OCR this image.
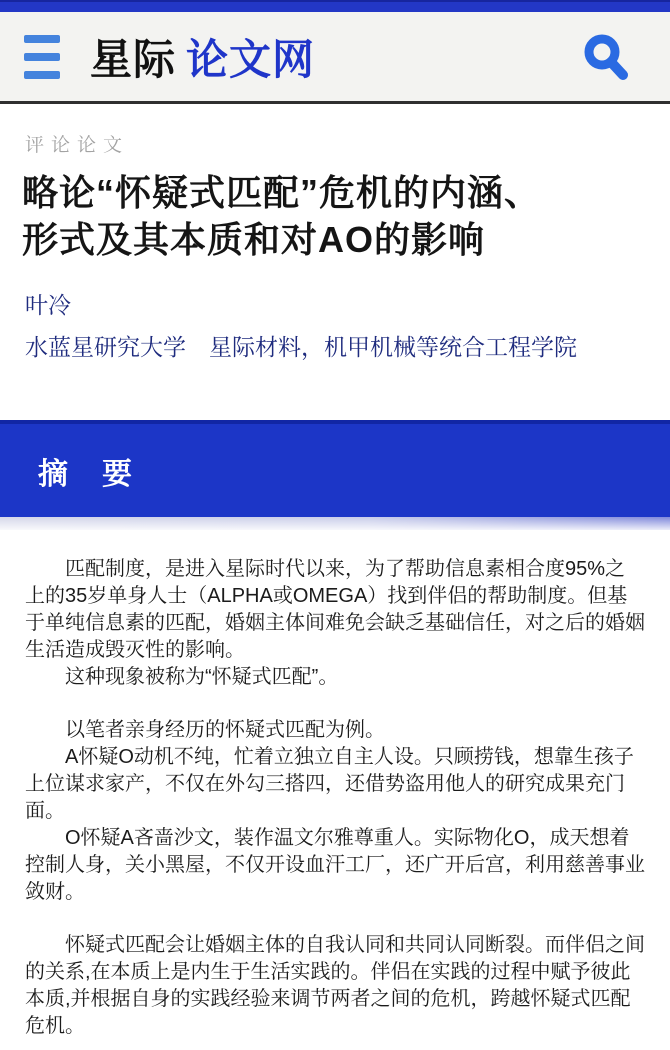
星际 论文网
评论论文
略论“怀疑式匹配”危机的内涵、
形式及其本质和对AO的影响
叶冷
水蓝星研究大学　星际材料，机甲机械等统合工程学院
摘　要

匹配制度，是进入星际时代以来，为了帮助信息素相合度95%之上的35岁单身人士（ALPHA或OMEGA）找到伴侣的帮助制度。但基于单纯信息素的匹配，婚姻主体间难免会缺乏基础信任，对之后的婚姻生活造成毁灭性的影响。

这种现象被称为“怀疑式匹配”。

以笔者亲身经历的怀疑式匹配为例。

A怀疑O动机不纯，忙着立独立自主人设。只顾捞钱，想靠生孩子上位谋求家产，不仅在外勾三搭四，还借势盗用他人的研究成果充门面。

O怀疑A吝啬沙文，装作温文尔雅尊重人。实际物化O，成天想着控制人身，关小黑屋，不仅开设血汗工厂，还广开后宫，利用慈善事业敛财。

怀疑式匹配会让婚姻主体的自我认同和共同认同断裂。而伴侣之间的关系,在本质上是内生于生活实践的。伴侣在实践的过程中赋予彼此本质,并根据自身的实践经验来调节两者之间的危机，跨越怀疑式匹配危机。
